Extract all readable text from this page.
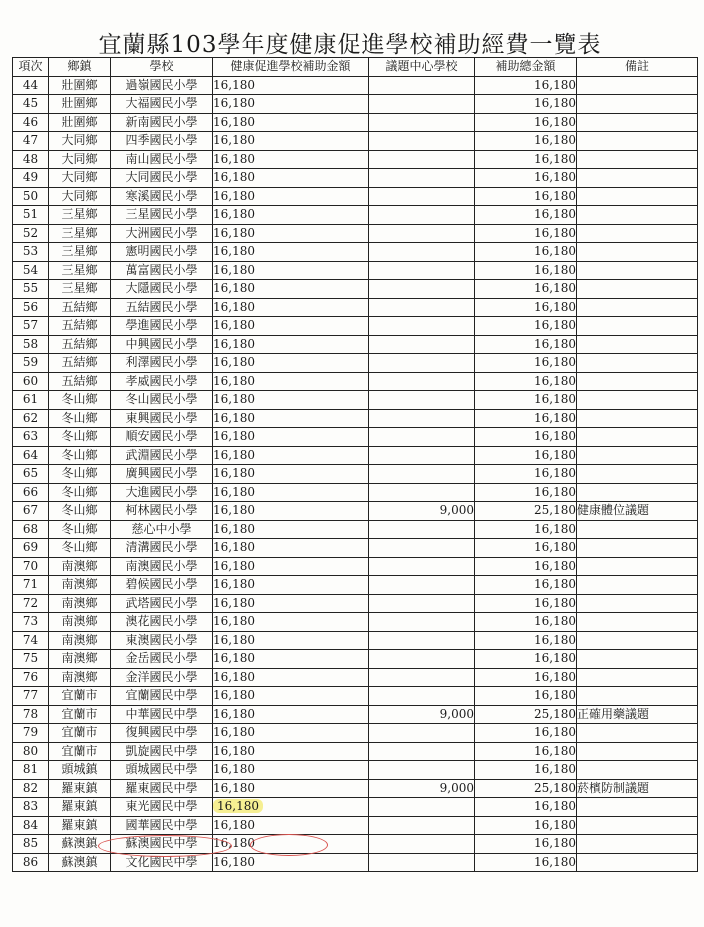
宜蘭縣103學年度健康促進學校補助經費一覽表
項次	鄉鎮	學校	健康促進學校補助金額	議題中心學校	補助總金額	備註
44	壯圍鄉	過嶺國民小學	16,180		16,180	
45	壯圍鄉	大福國民小學	16,180		16,180	
46	壯圍鄉	新南國民小學	16,180		16,180	
47	大同鄉	四季國民小學	16,180		16,180	
48	大同鄉	南山國民小學	16,180		16,180	
49	大同鄉	大同國民小學	16,180		16,180	
50	大同鄉	寒溪國民小學	16,180		16,180	
51	三星鄉	三星國民小學	16,180		16,180	
52	三星鄉	大洲國民小學	16,180		16,180	
53	三星鄉	憲明國民小學	16,180		16,180	
54	三星鄉	萬富國民小學	16,180		16,180	
55	三星鄉	大隱國民小學	16,180		16,180	
56	五結鄉	五結國民小學	16,180		16,180	
57	五結鄉	學進國民小學	16,180		16,180	
58	五結鄉	中興國民小學	16,180		16,180	
59	五結鄉	利澤國民小學	16,180		16,180	
60	五結鄉	孝威國民小學	16,180		16,180	
61	冬山鄉	冬山國民小學	16,180		16,180	
62	冬山鄉	東興國民小學	16,180		16,180	
63	冬山鄉	順安國民小學	16,180		16,180	
64	冬山鄉	武淵國民小學	16,180		16,180	
65	冬山鄉	廣興國民小學	16,180		16,180	
66	冬山鄉	大進國民小學	16,180		16,180	
67	冬山鄉	柯林國民小學	16,180	9,000	25,180	健康體位議題
68	冬山鄉	慈心中小學	16,180		16,180	
69	冬山鄉	清溝國民小學	16,180		16,180	
70	南澳鄉	南澳國民小學	16,180		16,180	
71	南澳鄉	碧候國民小學	16,180		16,180	
72	南澳鄉	武塔國民小學	16,180		16,180	
73	南澳鄉	澳花國民小學	16,180		16,180	
74	南澳鄉	東澳國民小學	16,180		16,180	
75	南澳鄉	金岳國民小學	16,180		16,180	
76	南澳鄉	金洋國民小學	16,180		16,180	
77	宜蘭市	宜蘭國民中學	16,180		16,180	
78	宜蘭市	中華國民中學	16,180	9,000	25,180	正確用藥議題
79	宜蘭市	復興國民中學	16,180		16,180	
80	宜蘭市	凱旋國民中學	16,180		16,180	
81	頭城鎮	頭城國民中學	16,180		16,180	
82	羅東鎮	羅東國民中學	16,180	9,000	25,180	菸檳防制議題
83	羅東鎮	東光國民中學	16,180		16,180	
84	羅東鎮	國華國民中學	16,180		16,180	
85	蘇澳鎮	蘇澳國民中學	16,180		16,180	
86	蘇澳鎮	文化國民中學	16,180		16,180	
